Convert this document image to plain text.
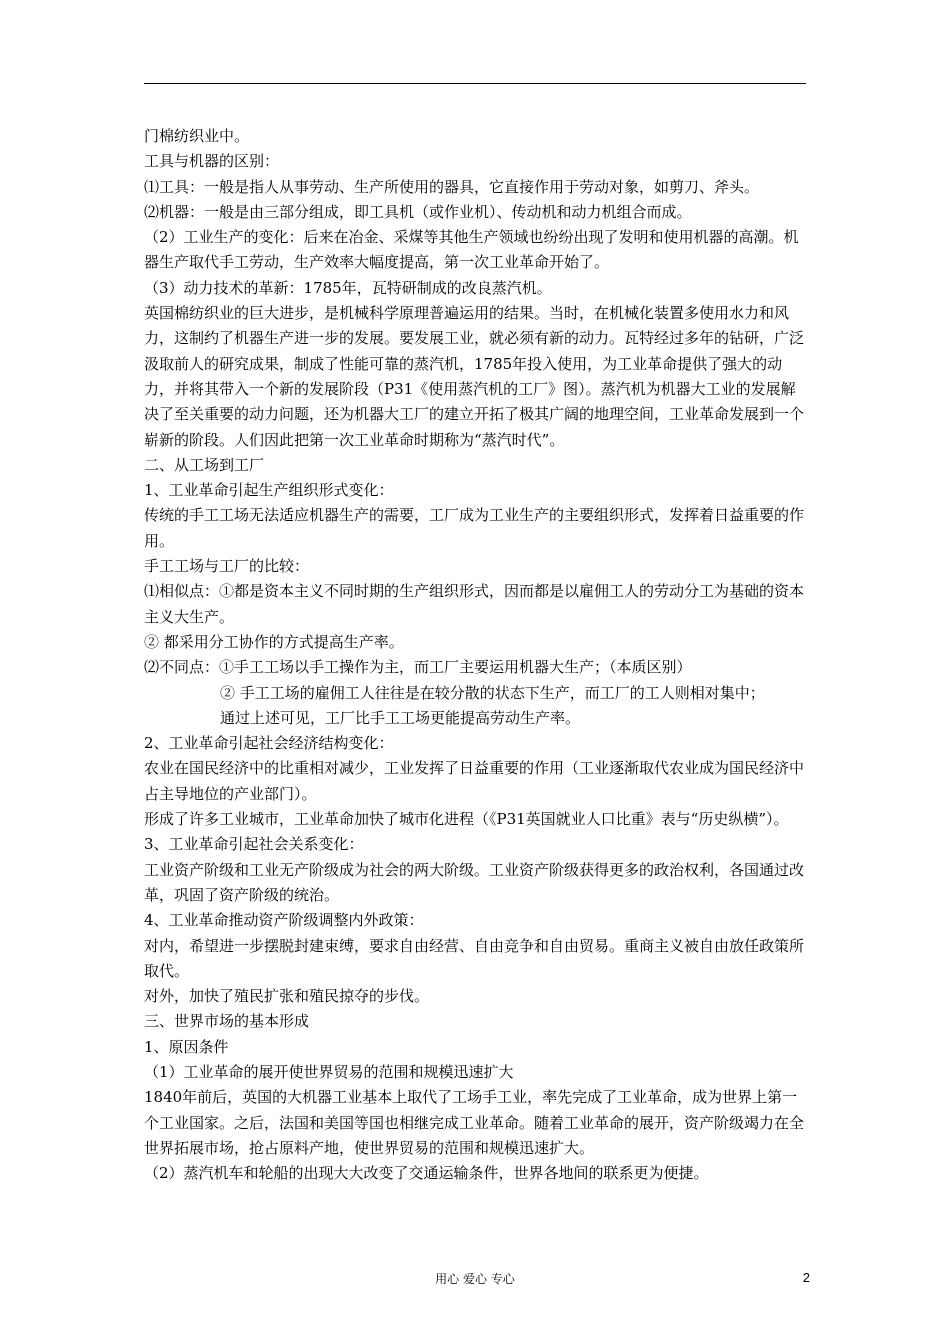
门棉纺织业中。

工具与机器的区别：

⑴工具：一般是指人从事劳动、生产所使用的器具，它直接作用于劳动对象，如剪刀、斧头。

⑵机器：一般是由三部分组成，即工具机（或作业机）、传动机和动力机组合而成。

（2）工业生产的变化：后来在冶金、采煤等其他生产领域也纷纷出现了发明和使用机器的高潮。机器生产取代手工劳动，生产效率大幅度提高，第一次工业革命开始了。

（3）动力技术的革新：1785年，瓦特研制成的改良蒸汽机。

英国棉纺织业的巨大进步，是机械科学原理普遍运用的结果。当时，在机械化装置多使用水力和风力，这制约了机器生产进一步的发展。要发展工业，就必须有新的动力。瓦特经过多年的钻研，广泛汲取前人的研究成果，制成了性能可靠的蒸汽机，1785年投入使用，为工业革命提供了强大的动力，并将其带入一个新的发展阶段（P31《使用蒸汽机的工厂》图）。蒸汽机为机器大工业的发展解决了至关重要的动力问题，还为机器大工厂的建立开拓了极其广阔的地理空间，工业革命发展到一个崭新的阶段。人们因此把第一次工业革命时期称为“蒸汽时代”。

二、从工场到工厂

1、工业革命引起生产组织形式变化：

传统的手工工场无法适应机器生产的需要，工厂成为工业生产的主要组织形式，发挥着日益重要的作用。

手工工场与工厂的比较：

⑴相似点：①都是资本主义不同时期的生产组织形式，因而都是以雇佣工人的劳动分工为基础的资本主义大生产。

② 都采用分工协作的方式提高生产率。

⑵不同点：①手工工场以手工操作为主，而工厂主要运用机器大生产；（本质区别）

② 手工工场的雇佣工人往往是在较分散的状态下生产，而工厂的工人则相对集中；

通过上述可见，工厂比手工工场更能提高劳动生产率。

2、工业革命引起社会经济结构变化：

农业在国民经济中的比重相对减少，工业发挥了日益重要的作用（工业逐渐取代农业成为国民经济中占主导地位的产业部门）。

形成了许多工业城市，工业革命加快了城市化进程（《P31英国就业人口比重》表与“历史纵横”）。

3、工业革命引起社会关系变化：

工业资产阶级和工业无产阶级成为社会的两大阶级。工业资产阶级获得更多的政治权利，各国通过改革，巩固了资产阶级的统治。

4、工业革命推动资产阶级调整内外政策：

对内，希望进一步摆脱封建束缚，要求自由经营、自由竞争和自由贸易。重商主义被自由放任政策所取代。

对外，加快了殖民扩张和殖民掠夺的步伐。

三、世界市场的基本形成

1、原因条件

（1）工业革命的展开使世界贸易的范围和规模迅速扩大

1840年前后，英国的大机器工业基本上取代了工场手工业，率先完成了工业革命，成为世界上第一个工业国家。之后，法国和美国等国也相继完成工业革命。随着工业革命的展开，资产阶级竭力在全世界拓展市场，抢占原料产地，使世界贸易的范围和规模迅速扩大。

（2）蒸汽机车和轮船的出现大大改变了交通运输条件，世界各地间的联系更为便捷。

用心 爱心 专心	2
